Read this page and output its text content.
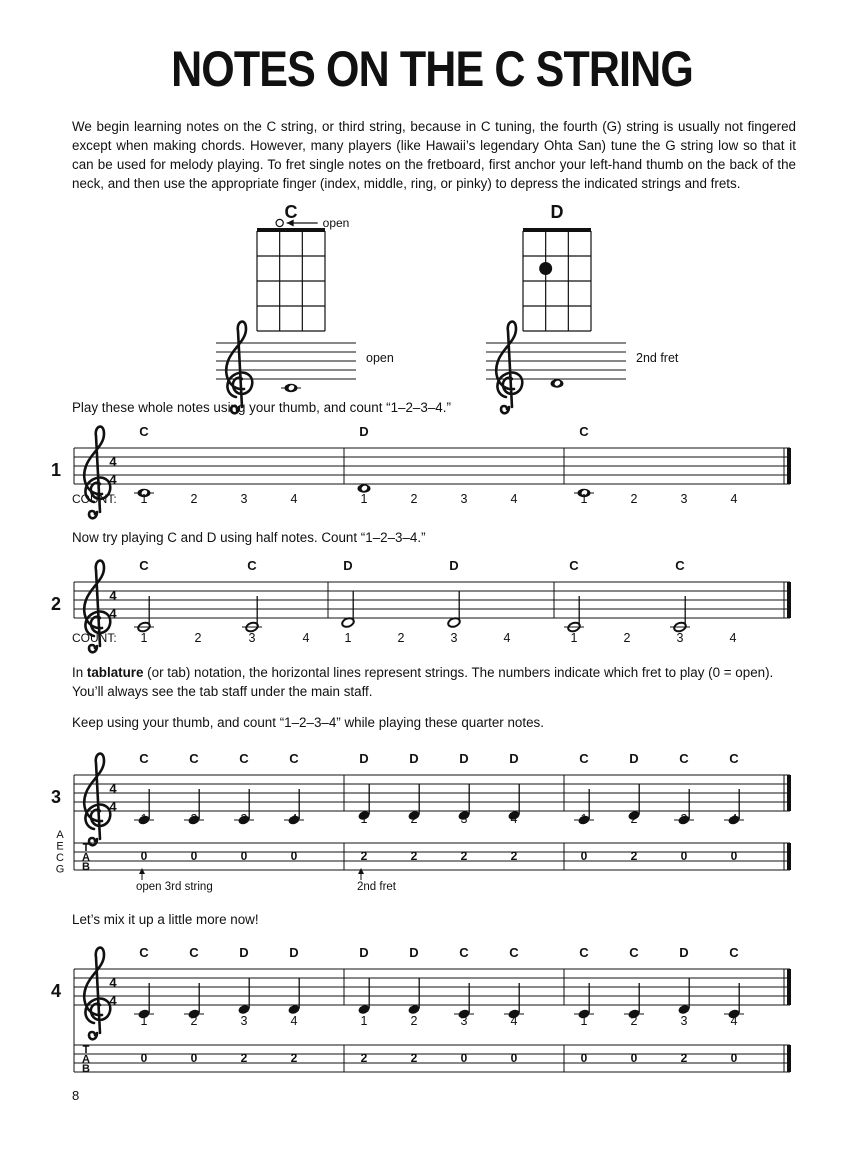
NOTES ON THE C STRING

We begin learning notes on the C string, or third string, because in C tuning, the fourth (G) string is usually not fingered except when making chords. However, many players (like Hawaii’s legendary Ohta San) tune the G string low so that it can be used for melody playing. To fret single notes on the fretboard, first anchor your left-hand thumb on the back of the neck, and then use the appropriate finger (index, middle, ring, or pinky) to depress the indicated strings and frets.

Play these whole notes using your thumb, and count “1–2–3–4.”

Now try playing C and D using half notes. Count “1–2–3–4.”

In tablature (or tab) notation, the horizontal lines represent strings. The numbers indicate which fret to play (0 = open). You’ll always see the tab staff under the main staff.

Keep using your thumb, and count “1–2–3–4” while playing these quarter notes.

Let’s mix it up a little more now!

8
C
open
open
D
2nd fret
1	4
4
C
1	2	3	4
D
1	2	3	4
C
1	2	3	4
COUNT:
2	4
4
C	C
1	2	3	4
D	D
1	2	3	4
C	C
1	2	3	4
COUNT:
3	4
4
T
A
B
A
E
C
G
C
0
C
0
C
0
C
0
1	2	3	4
D
2
D
2
D
2
D
2
1	2	3	4
C
0
D
2
C
0
C
0
1	2	3	4
4	4
4
T
A
B
C
0
C
0
D
2
D
2
1	2	3	4
D
2
D
2
C
0
C
0
1	2	3	4
C
0
C
0
D
2
C
0
1	2	3	4
open 3rd string	2nd fret
